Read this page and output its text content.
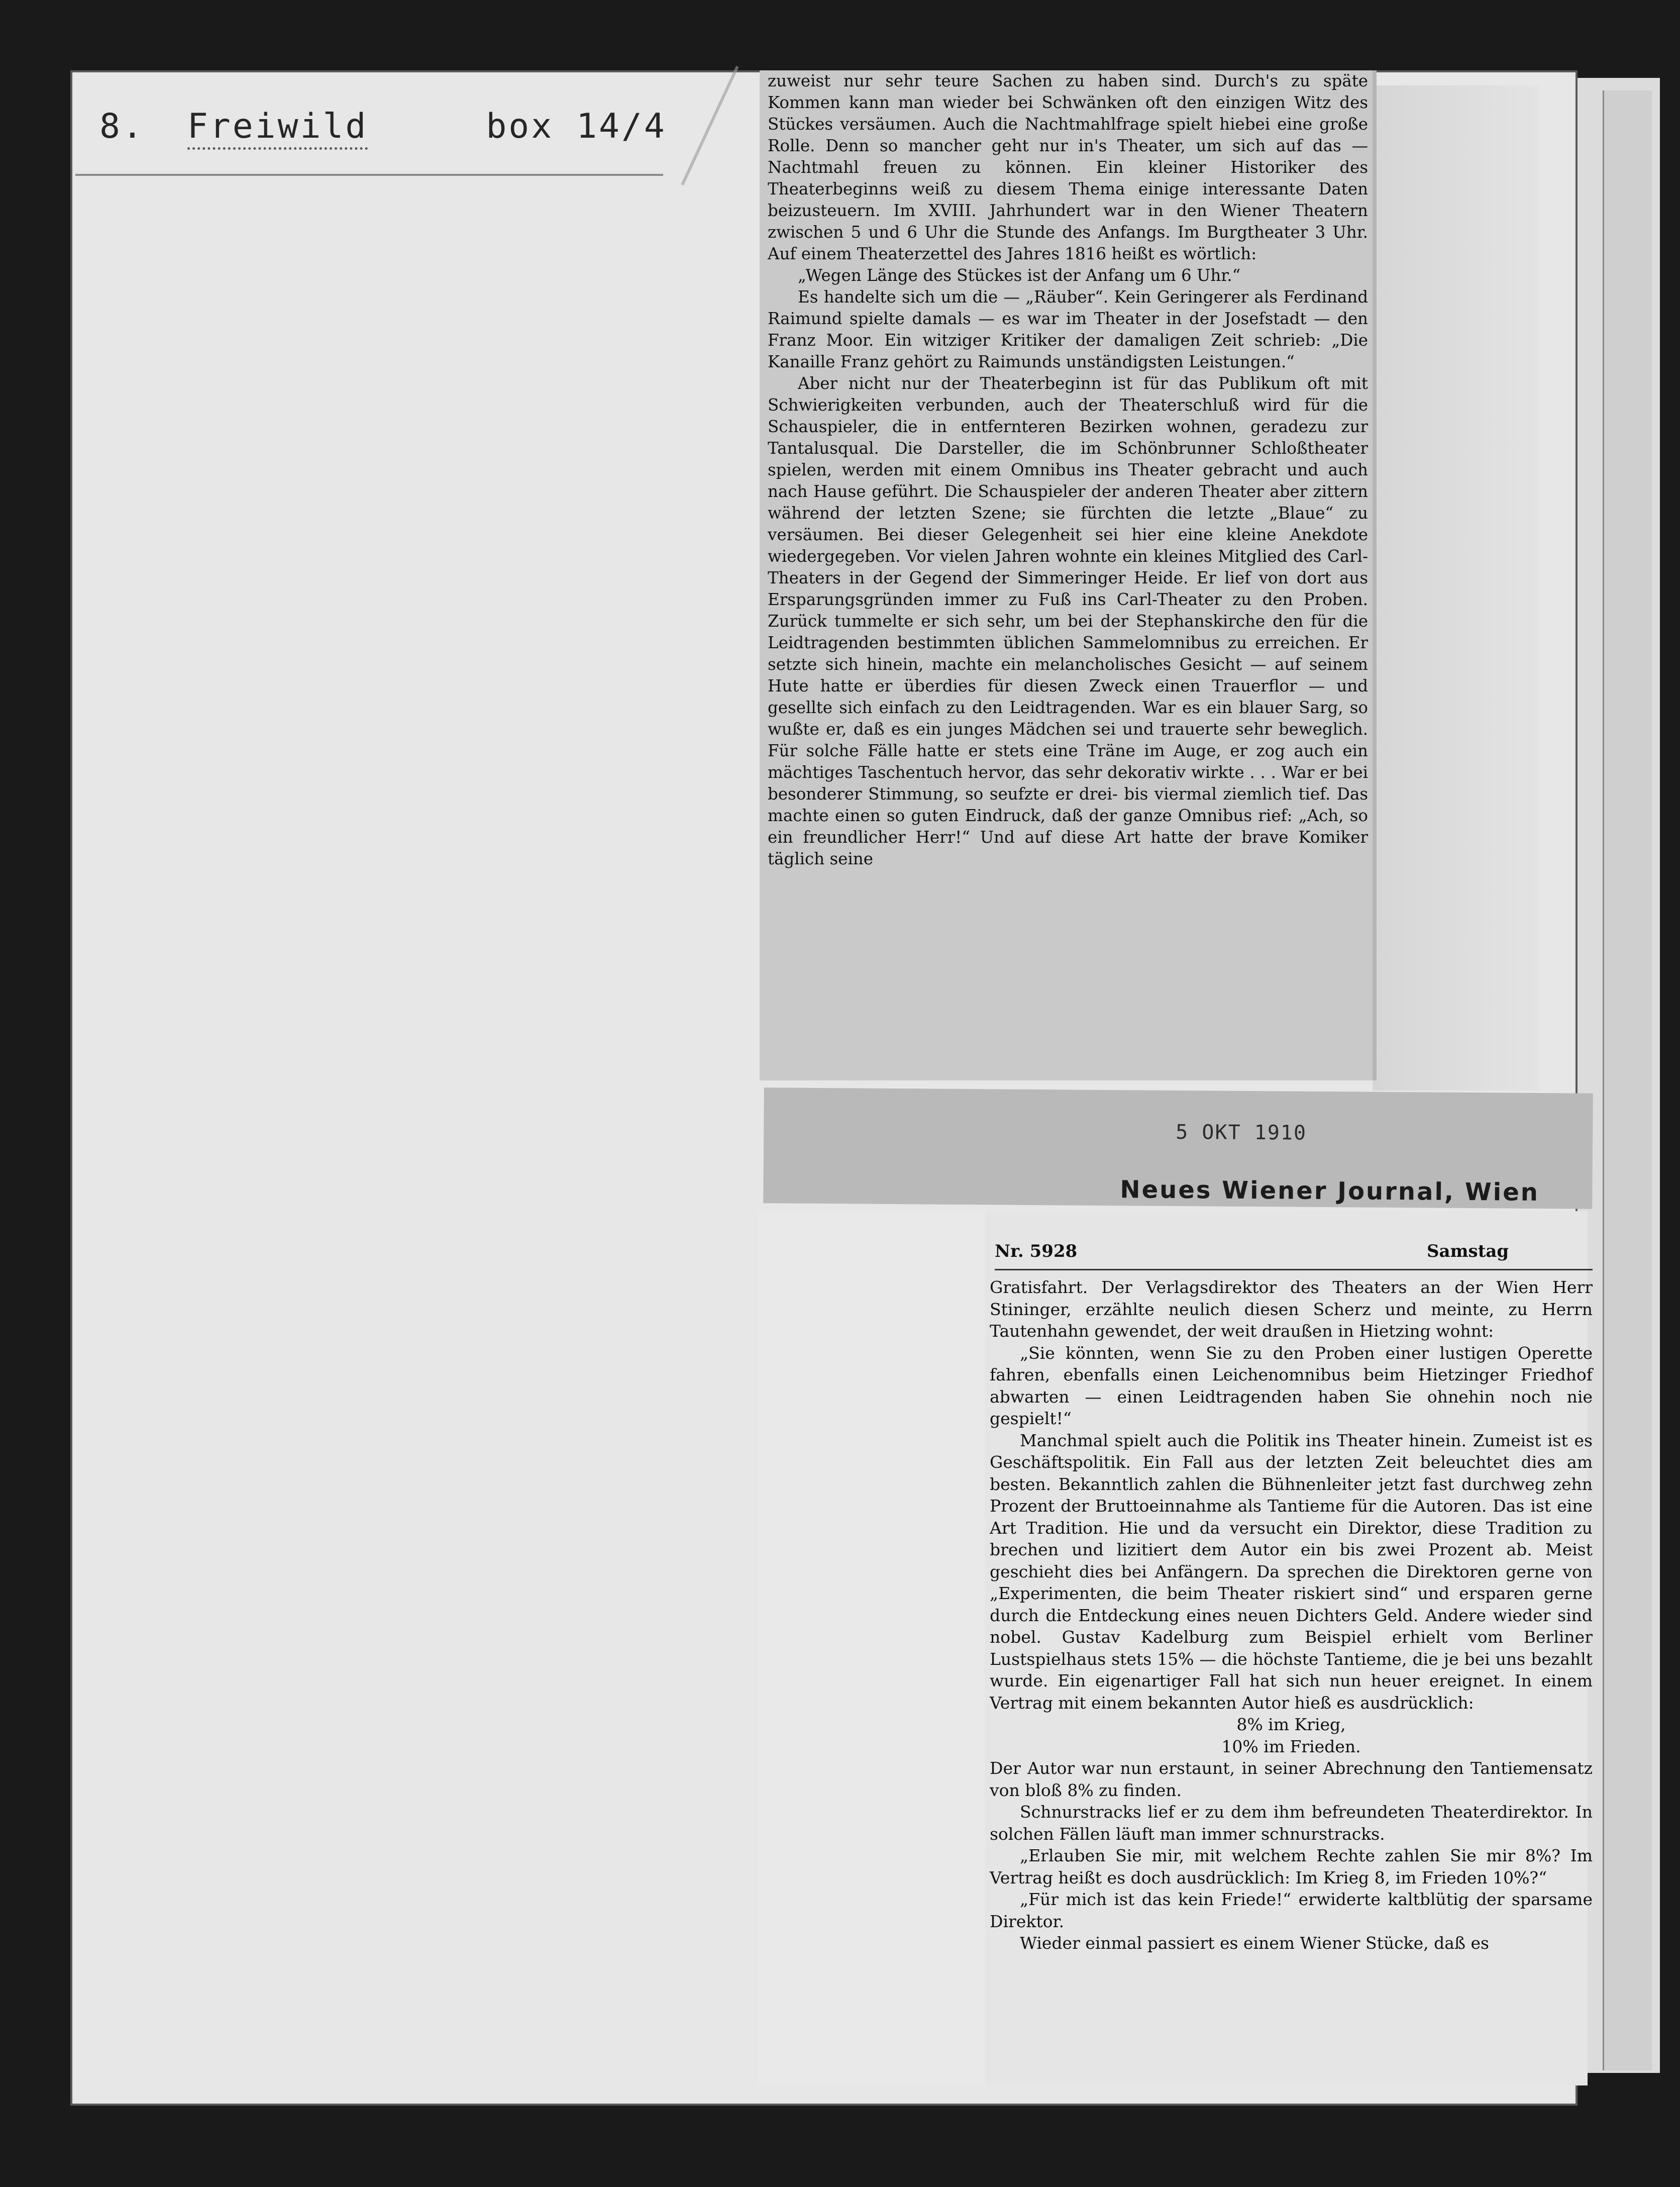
8. Freiwild	box 14/4

zuweist nur sehr teure Sachen zu haben sind. Durch's zu späte Kommen kann man wieder bei Schwänken oft den einzigen Witz des Stückes versäumen. Auch die Nachtmahlfrage spielt hiebei eine große Rolle. Denn so mancher geht nur in's Theater, um sich auf das — Nachtmahl freuen zu können. Ein kleiner Historiker des Theaterbeginns weiß zu diesem Thema einige interessante Daten beizusteuern. Im XVIII. Jahrhundert war in den Wiener Theatern zwischen 5 und 6 Uhr die Stunde des Anfangs. Im Burgtheater 3 Uhr. Auf einem Theaterzettel des Jahres 1816 heißt es wörtlich:

„Wegen Länge des Stückes ist der Anfang um 6 Uhr.“

Es handelte sich um die — „Räuber“. Kein Geringerer als Ferdinand Raimund spielte damals — es war im Theater in der Josefstadt — den Franz Moor. Ein witziger Kritiker der damaligen Zeit schrieb: „Die Kanaille Franz gehört zu Raimunds unständigsten Leistungen.“

Aber nicht nur der Theaterbeginn ist für das Publikum oft mit Schwierigkeiten verbunden, auch der Theaterschluß wird für die Schauspieler, die in entfernteren Bezirken wohnen, geradezu zur Tantalusqual. Die Darsteller, die im Schönbrunner Schloßtheater spielen, werden mit einem Omnibus ins Theater gebracht und auch nach Hause geführt. Die Schauspieler der anderen Theater aber zittern während der letzten Szene; sie fürchten die letzte „Blaue“ zu versäumen. Bei dieser Gelegenheit sei hier eine kleine Anekdote wiedergegeben. Vor vielen Jahren wohnte ein kleines Mitglied des Carl-Theaters in der Gegend der Simmeringer Heide. Er lief von dort aus Ersparungsgründen immer zu Fuß ins Carl-Theater zu den Proben. Zurück tummelte er sich sehr, um bei der Stephanskirche den für die Leidtragenden bestimmten üblichen Sammelomnibus zu erreichen. Er setzte sich hinein, machte ein melancholisches Gesicht — auf seinem Hute hatte er überdies für diesen Zweck einen Trauerflor — und gesellte sich einfach zu den Leidtragenden. War es ein blauer Sarg, so wußte er, daß es ein junges Mädchen sei und trauerte sehr beweglich. Für solche Fälle hatte er stets eine Träne im Auge, er zog auch ein mächtiges Taschentuch hervor, das sehr dekorativ wirkte . . . War er bei besonderer Stimmung, so seufzte er drei- bis viermal ziemlich tief. Das machte einen so guten Eindruck, daß der ganze Omnibus rief: „Ach, so ein freundlicher Herr!“ Und auf diese Art hatte der brave Komiker täglich seine

5 OKT 1910
Neues Wiener Journal, Wien
Nr. 5928	Samstag

Gratisfahrt. Der Verlagsdirektor des Theaters an der Wien Herr Stininger, erzählte neulich diesen Scherz und meinte, zu Herrn Tautenhahn gewendet, der weit draußen in Hietzing wohnt:

„Sie könnten, wenn Sie zu den Proben einer lustigen Operette fahren, ebenfalls einen Leichenomnibus beim Hietzinger Friedhof abwarten — einen Leidtragenden haben Sie ohnehin noch nie gespielt!“

Manchmal spielt auch die Politik ins Theater hinein. Zumeist ist es Geschäftspolitik. Ein Fall aus der letzten Zeit beleuchtet dies am besten. Bekanntlich zahlen die Bühnenleiter jetzt fast durchweg zehn Prozent der Bruttoeinnahme als Tantieme für die Autoren. Das ist eine Art Tradition. Hie und da versucht ein Direktor, diese Tradition zu brechen und lizitiert dem Autor ein bis zwei Prozent ab. Meist geschieht dies bei Anfängern. Da sprechen die Direktoren gerne von „Experimenten, die beim Theater riskiert sind“ und ersparen gerne durch die Entdeckung eines neuen Dichters Geld. Andere wieder sind nobel. Gustav Kadelburg zum Beispiel erhielt vom Berliner Lustspielhaus stets 15% — die höchste Tantieme, die je bei uns bezahlt wurde. Ein eigenartiger Fall hat sich nun heuer ereignet. In einem Vertrag mit einem bekannten Autor hieß es ausdrücklich:

8% im Krieg,

10% im Frieden.

Der Autor war nun erstaunt, in seiner Abrechnung den Tantiemensatz von bloß 8% zu finden.

Schnurstracks lief er zu dem ihm befreundeten Theaterdirektor. In solchen Fällen läuft man immer schnurstracks.

„Erlauben Sie mir, mit welchem Rechte zahlen Sie mir 8%? Im Vertrag heißt es doch ausdrücklich: Im Krieg 8, im Frieden 10%?“

„Für mich ist das kein Friede!“ erwiderte kaltblütig der sparsame Direktor.

Wieder einmal passiert es einem Wiener Stücke, daß es
